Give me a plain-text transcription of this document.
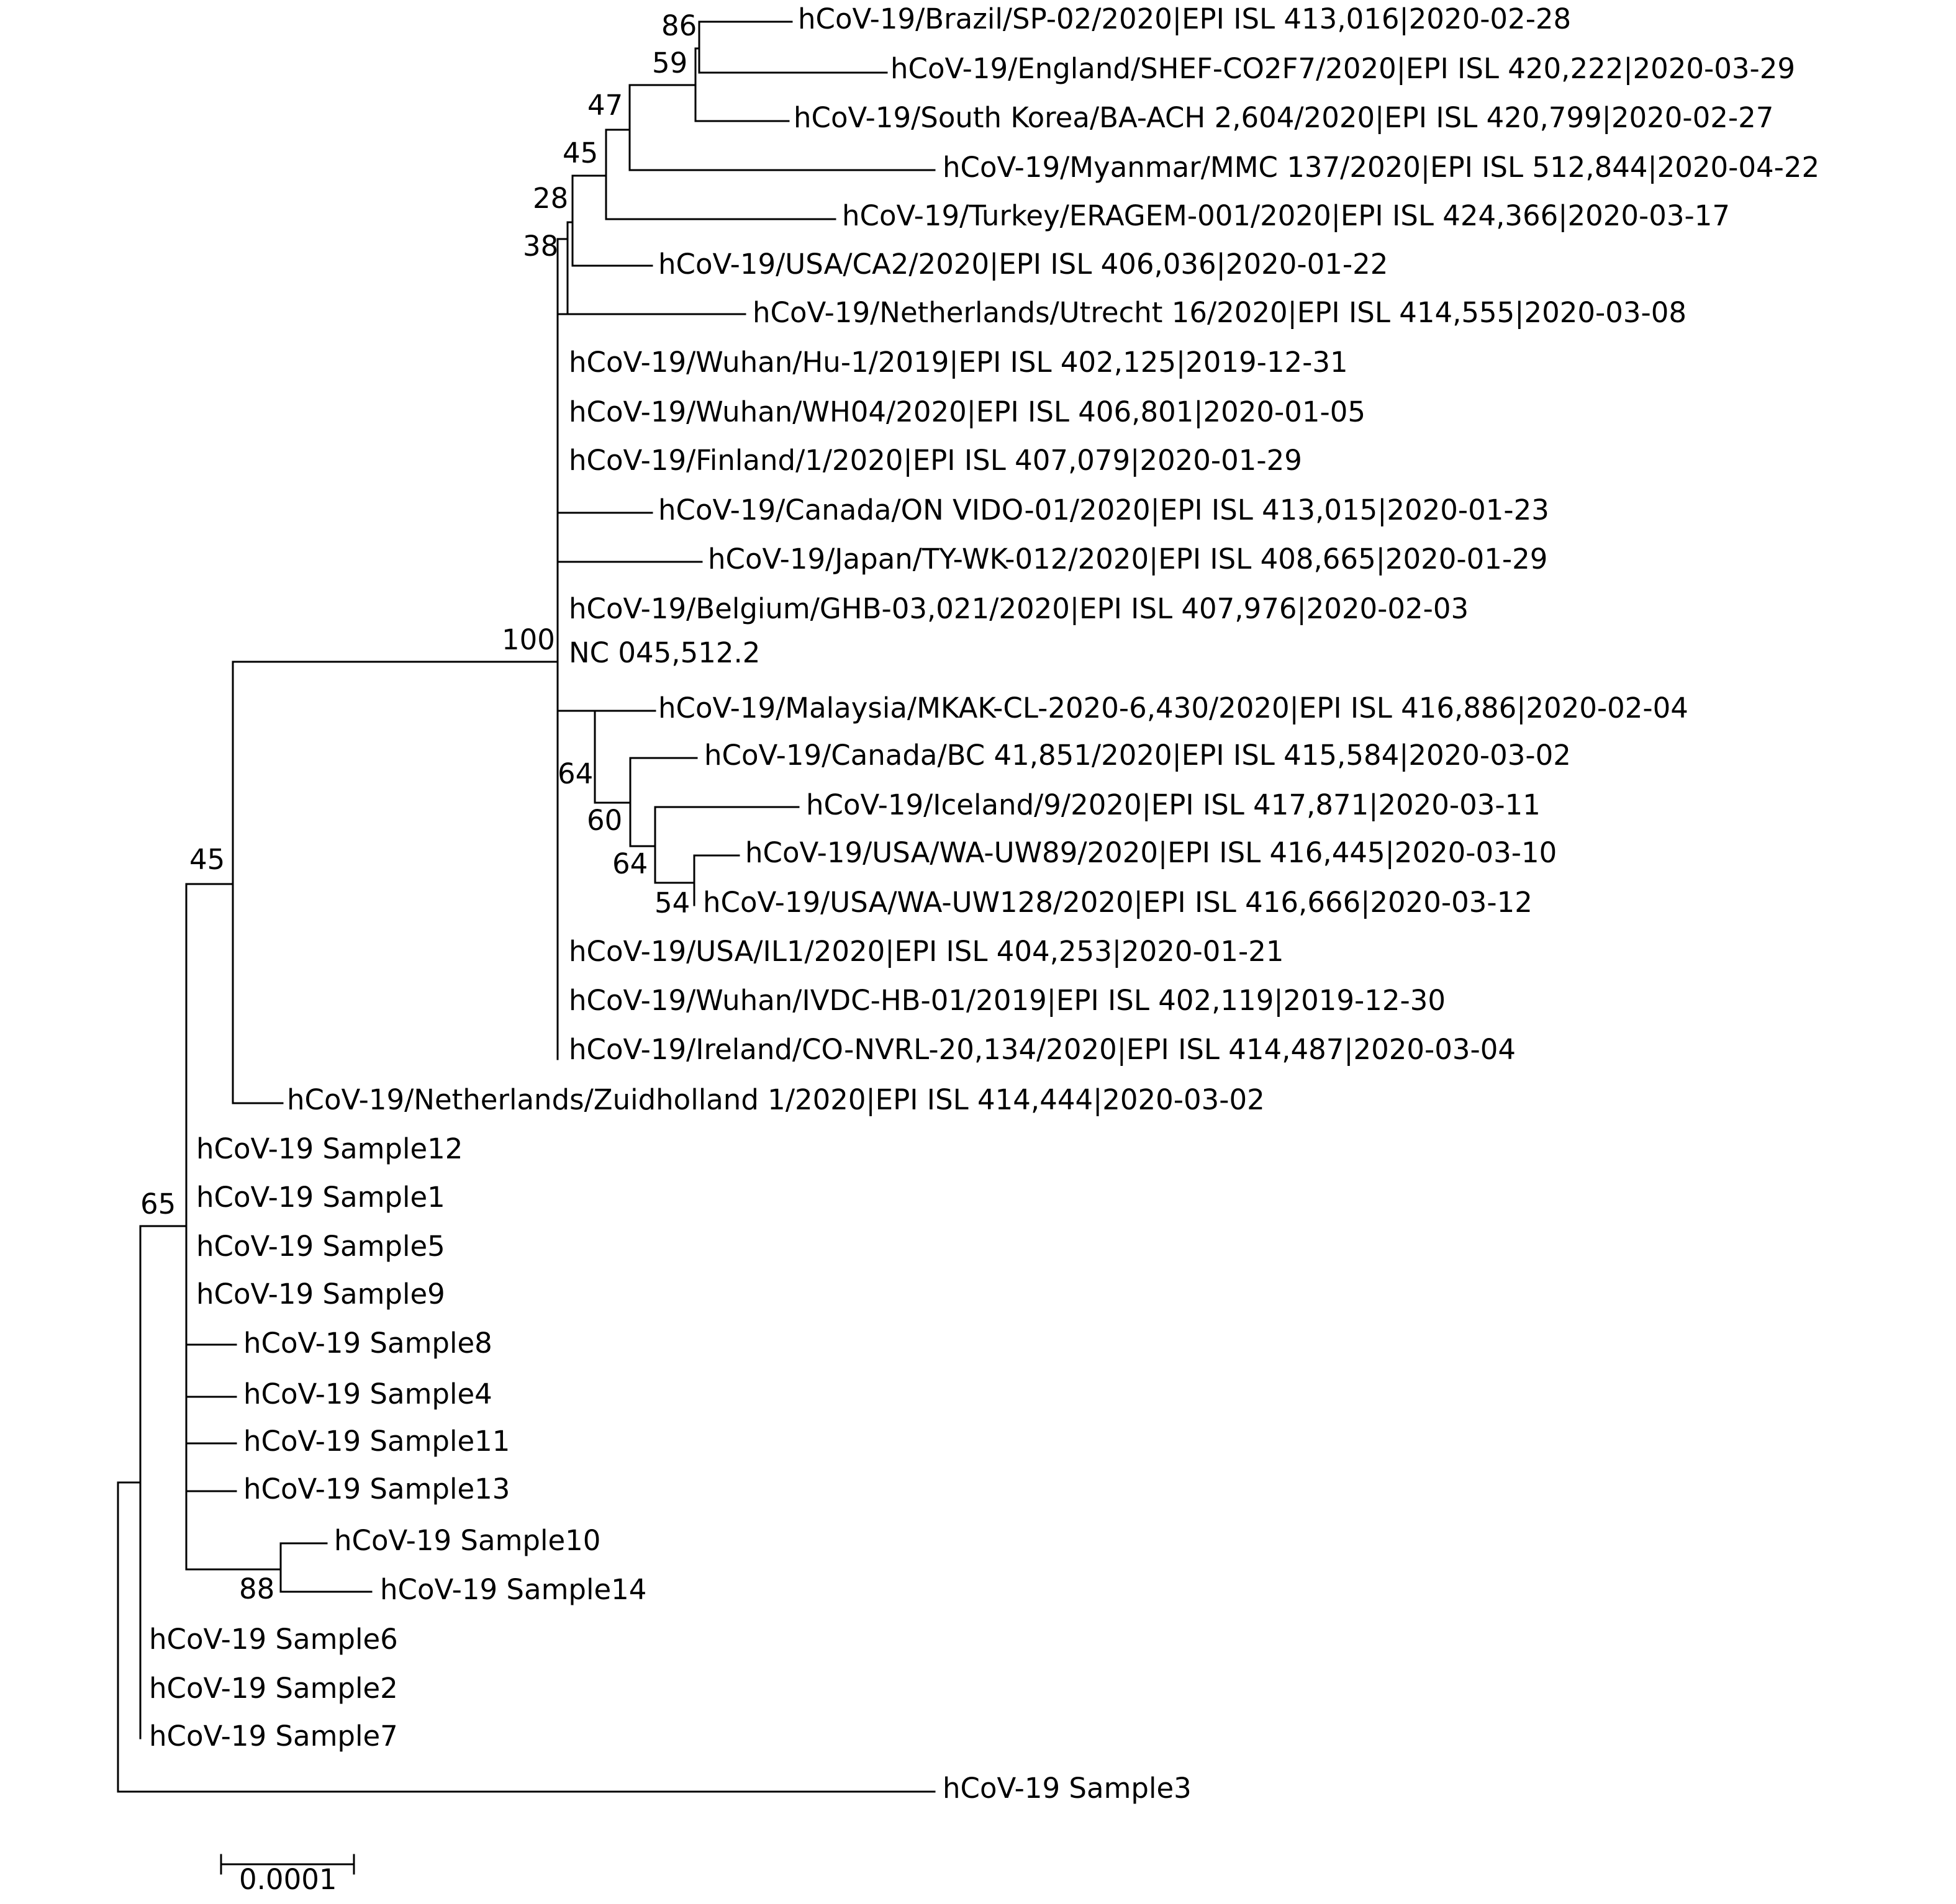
0.0001
hCoV-19/Brazil/SP-02/2020|EPI ISL 413,016|2020-02-28
hCoV-19/England/SHEF-CO2F7/2020|EPI ISL 420,222|2020-03-29
hCoV-19/South Korea/BA-ACH 2,604/2020|EPI ISL 420,799|2020-02-27
hCoV-19/Myanmar/MMC 137/2020|EPI ISL 512,844|2020-04-22
hCoV-19/Turkey/ERAGEM-001/2020|EPI ISL 424,366|2020-03-17
hCoV-19/USA/CA2/2020|EPI ISL 406,036|2020-01-22
hCoV-19/Netherlands/Utrecht 16/2020|EPI ISL 414,555|2020-03-08
hCoV-19/Wuhan/Hu-1/2019|EPI ISL 402,125|2019-12-31
hCoV-19/Wuhan/WH04/2020|EPI ISL 406,801|2020-01-05
hCoV-19/Finland/1/2020|EPI ISL 407,079|2020-01-29
hCoV-19/Canada/ON VIDO-01/2020|EPI ISL 413,015|2020-01-23
hCoV-19/Japan/TY-WK-012/2020|EPI ISL 408,665|2020-01-29
hCoV-19/Belgium/GHB-03,021/2020|EPI ISL 407,976|2020-02-03
NC 045,512.2
hCoV-19/Malaysia/MKAK-CL-2020-6,430/2020|EPI ISL 416,886|2020-02-04
hCoV-19/Canada/BC 41,851/2020|EPI ISL 415,584|2020-03-02
hCoV-19/Iceland/9/2020|EPI ISL 417,871|2020-03-11
hCoV-19/USA/WA-UW89/2020|EPI ISL 416,445|2020-03-10
hCoV-19/USA/WA-UW128/2020|EPI ISL 416,666|2020-03-12
hCoV-19/USA/IL1/2020|EPI ISL 404,253|2020-01-21
hCoV-19/Wuhan/IVDC-HB-01/2019|EPI ISL 402,119|2019-12-30
hCoV-19/Ireland/CO-NVRL-20,134/2020|EPI ISL 414,487|2020-03-04
hCoV-19/Netherlands/Zuidholland 1/2020|EPI ISL 414,444|2020-03-02
hCoV-19 Sample12
hCoV-19 Sample1
hCoV-19 Sample5
hCoV-19 Sample9
hCoV-19 Sample8
hCoV-19 Sample4
hCoV-19 Sample11
hCoV-19 Sample13
hCoV-19 Sample10
hCoV-19 Sample14
hCoV-19 Sample6
hCoV-19 Sample2
hCoV-19 Sample7
hCoV-19 Sample3
86
59
47
45
28
38
100
64
60
64
54
45
65
88
